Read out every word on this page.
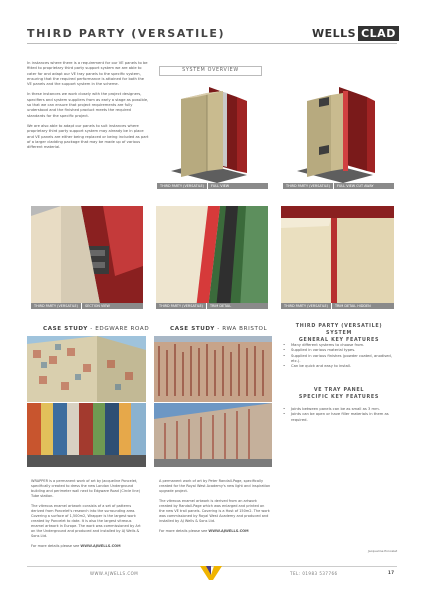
THIRD PARTY (VERSATILE)	WELLS CLAD

In instances where there is a requirement for our VE panels to be fitted to proprietary third party support system we are able to cater for and adapt our VE tray panels to the specific system, ensuring that the required performance is attained for both the VE panels and the support system in the scheme.

In these instances we work closely with the project designers, specifiers and system suppliers from as early a stage as possible, so that we can ensure that project requirements are fully understood and the finished product meets the required standards for the specific project.

We are also able to adapt our panels to suit instances where proprietary third party support system may already be in place and VE panels are either being replaced or being included as part of a larger cladding package that may be made up of various different material.

SYSTEM OVERVIEW
THIRD PARTY (VERSATILE) FULL VIEW	THIRD PARTY (VERSATILE) FULL VIEW CUT AWAY
THIRD PARTY (VERSATILE) SECTION VIEW	THIRD PARTY (VERSATILE) TRIM DETAIL	THIRD PARTY (VERSATILE) TRIM DETAIL HIDDEN
CASE STUDY - EDGWARE ROAD	CASE STUDY - RWA BRISTOL

WRAPPER is a permanent work of art by Jacqueline Poncelet, specifically created to dress the new London Underground building and perimeter wall next to Edgware Road (Circle line) Tube station.

The vitreous enamel artwork consists of a set of patterns derived from Poncelet's research into the surrounding area. Covering a surface of 1,500m2, Wrapper is the largest work created by Poncelet to date. It is also the largest vitreous enamel artwork in Europe. The work was commissioned by Art on the Underground and produced and installed by AJ Wells & Sons Ltd.

For more details please see WWW.AJWELLS.COM

A permanent work of art by Peter Randall-Page, specifically created for the Royal West Academy's new light and inspiration upgrade project.

The vitreous enamel artwork is derived from an artwork created by Randall-Page which was enlarged and printed on the new VE trail panels. Covering is a Host of 150m2. The work was commissioned by Royal West Academy and produced and installed by AJ Wells & Sons Ltd.

For more details please see WWW.AJWELLS.COM

THIRD PARTY (VERSATILE) SYSTEM
GENERAL KEY FEATURES
• Many different systems to choose from.
• Supplied in various material types.
• Supplied in various finishes (powder coated, anodised, etc.).
• Can be quick and easy to install.
VE TRAY PANEL
SPECIFIC KEY FEATURES
• Joints between panels can be as small as 3 mm.
• Joints can be open or have filler materials in them as required.
Jacqueline Poncelet
WWW.AJWELLS.COM	TEL: 01983 537766	17
